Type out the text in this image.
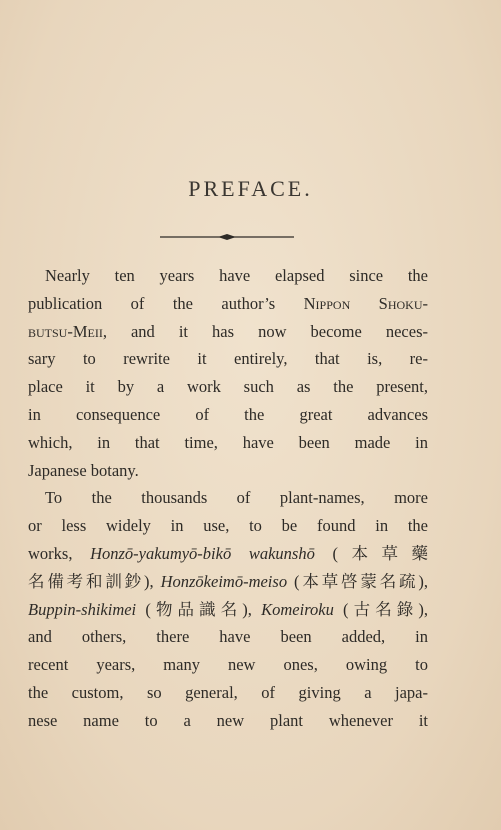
PREFACE.
Nearly ten years have elapsed since the
publication of the author’s Nippon Shoku-
butsu-Meii, and it has now become neces-
sary to rewrite it entirely, that is, re-
place it by a work such as the present,
in consequence of the great advances
which, in that time, have been made in
Japanese botany.
To the thousands of plant-names, more
or less widely in use, to be found in the
works, Honzō-yakumyō-bikō wakunshō (本草藥
名備考和訓鈔), Honzōkeimō-meiso (本草啓蒙名疏),
Buppin-shikimei (物品識名), Komeiroku (古名錄),
and others, there have been added, in
recent years, many new ones, owing to
the custom, so general, of giving a japa-
nese name to a new plant whenever it
